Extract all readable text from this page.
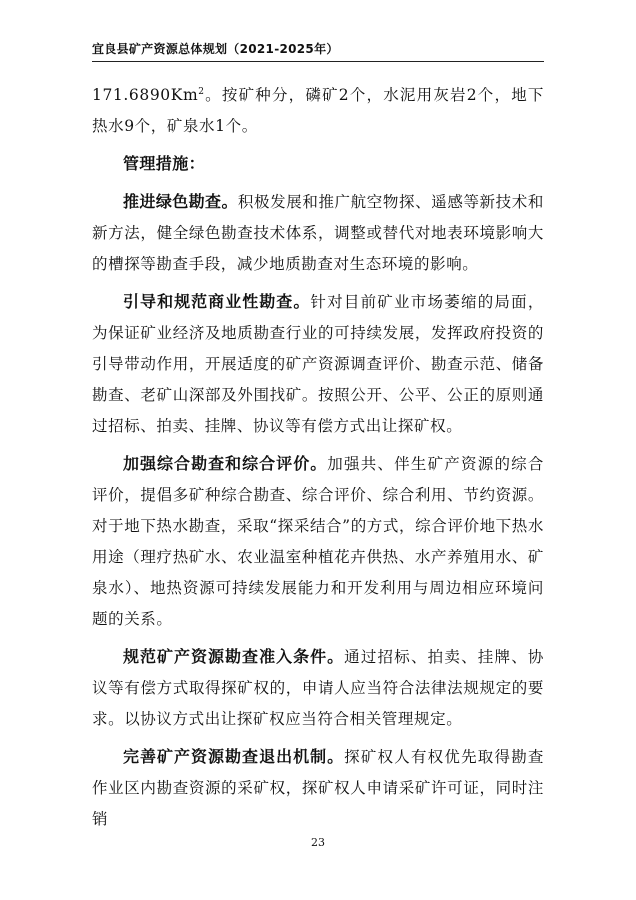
宜良县矿产资源总体规划（2021-2025年）

171.6890Km$^2$。按矿种分，磷矿2个，水泥用灰岩2个，地下热水9个，矿泉水1个。

管理措施：

推进绿色勘查。积极发展和推广航空物探、遥感等新技术和新方法，健全绿色勘查技术体系，调整或替代对地表环境影响大的槽探等勘查手段，减少地质勘查对生态环境的影响。

引导和规范商业性勘查。针对目前矿业市场萎缩的局面，为保证矿业经济及地质勘查行业的可持续发展，发挥政府投资的引导带动作用，开展适度的矿产资源调查评价、勘查示范、储备勘查、老矿山深部及外围找矿。按照公开、公平、公正的原则通过招标、拍卖、挂牌、协议等有偿方式出让探矿权。

加强综合勘查和综合评价。加强共、伴生矿产资源的综合评价，提倡多矿种综合勘查、综合评价、综合利用、节约资源。对于地下热水勘查，采取“探采结合”的方式，综合评价地下热水用途（理疗热矿水、农业温室种植花卉供热、水产养殖用水、矿泉水）、地热资源可持续发展能力和开发利用与周边相应环境问题的关系。

规范矿产资源勘查准入条件。通过招标、拍卖、挂牌、协议等有偿方式取得探矿权的，申请人应当符合法律法规规定的要求。以协议方式出让探矿权应当符合相关管理规定。

完善矿产资源勘查退出机制。探矿权人有权优先取得勘查作业区内勘查资源的采矿权，探矿权人申请采矿许可证，同时注销

23
